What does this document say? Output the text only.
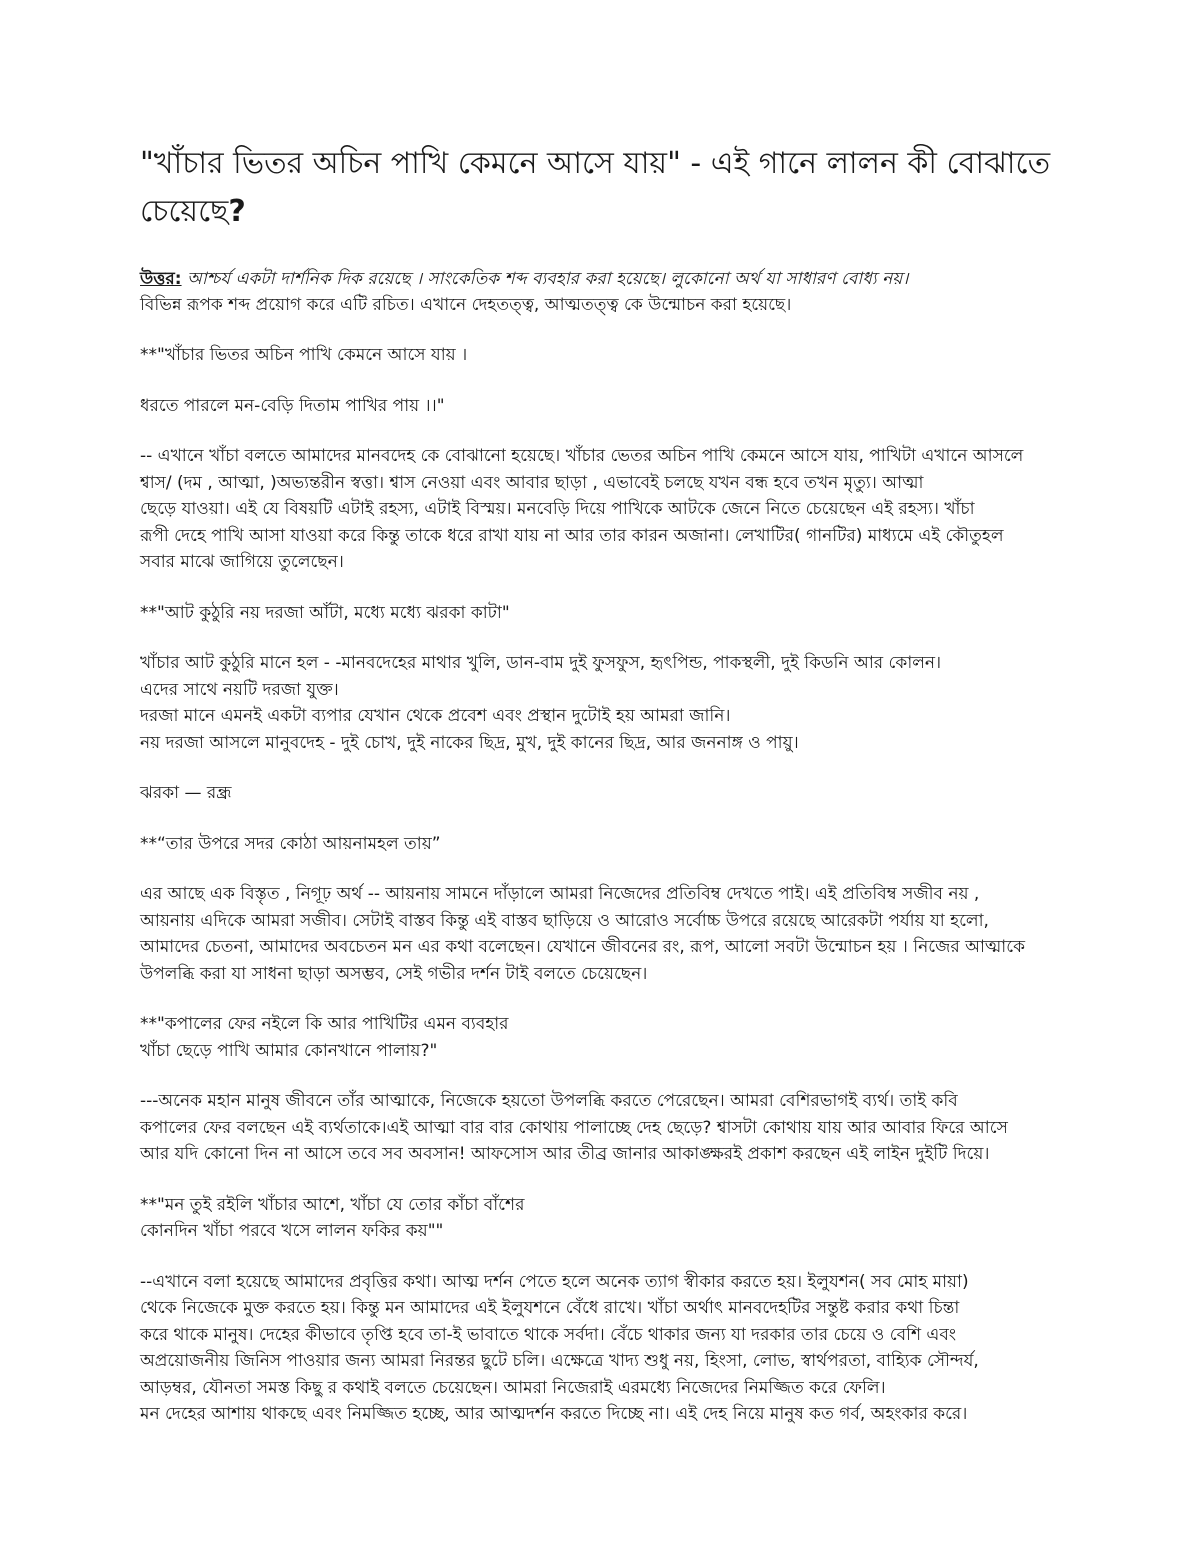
"খাঁচার ভিতর অচিন পাখি কেমনে আসে যায়" - এই গানে লালন কী বোঝাতে চেয়েছে?

উত্তর: আশ্চর্য একটা দার্শনিক দিক রয়েছে । সাংকেতিক শব্দ ব্যবহার করা হয়েছে। লুকোনো অর্থ যা সাধারণ বোধ্য নয়।

বিভিন্ন রূপক শব্দ প্রয়োগ করে এটি রচিত। এখানে দেহতত্ত্ব, আত্মতত্ত্ব কে উন্মোচন করা হয়েছে।

**"খাঁচার ভিতর অচিন পাখি কেমনে আসে যায় ।

ধরতে পারলে মন-বেড়ি দিতাম পাখির পায় ।।"

-- এখানে খাঁচা বলতে আমাদের মানবদেহ কে বোঝানো হয়েছে। খাঁচার ভেতর অচিন পাখি কেমনে আসে যায়, পাখিটা এখানে আসলে
শ্বাস/ (দম , আত্মা, )অভ্যন্তরীন স্বত্তা। শ্বাস নেওয়া এবং আবার ছাড়া , এভাবেই চলছে যখন বন্ধ হবে তখন মৃত্যু। আত্মা
ছেড়ে যাওয়া। এই যে বিষয়টি এটাই রহস্য, এটাই বিস্ময়। মনবেড়ি দিয়ে পাখিকে আটকে জেনে নিতে চেয়েছেন এই রহস্য। খাঁচা
রূপী দেহে পাখি আসা যাওয়া করে কিন্তু তাকে ধরে রাখা যায় না আর তার কারন অজানা। লেখাটির( গানটির) মাধ্যমে এই কৌতুহল
সবার মাঝে জাগিয়ে তুলেছেন।

**"আট কুঠুরি নয় দরজা আঁটা, মধ্যে মধ্যে ঝরকা কাটা"

খাঁচার আট কুঠুরি মানে হল - -মানবদেহের মাথার খুলি, ডান-বাম দুই ফুসফুস, হৃৎপিন্ড, পাকস্থলী, দুই কিডনি আর কোলন।
এদের সাথে নয়টি দরজা যুক্ত।
দরজা মানে এমনই একটা ব্যপার যেখান থেকে প্রবেশ এবং প্রস্থান দুটোই হয় আমরা জানি।
নয় দরজা আসলে মানুবদেহ - দুই চোখ, দুই নাকের ছিদ্র, মুখ, দুই কানের ছিদ্র, আর জননাঙ্গ ও পায়ু।

ঝরকা — রন্ধ্র

**“তার উপরে সদর কোঠা আয়নামহল তায়”

এর আছে এক বিস্তৃত , নিগূঢ় অর্থ -- আয়নায় সামনে দাঁড়ালে আমরা নিজেদের প্রতিবিম্ব দেখতে পাই। এই প্রতিবিম্ব সজীব নয় ,
আয়নায় এদিকে আমরা সজীব। সেটাই বাস্তব কিন্তু এই বাস্তব ছাড়িয়ে ও আরোও সর্বোচ্চ উপরে রয়েছে আরেকটা পর্যায় যা হলো,
আমাদের চেতনা, আমাদের অবচেতন মন এর কথা বলেছেন। যেখানে জীবনের রং, রূপ, আলো সবটা উন্মোচন হয় । নিজের আত্মাকে
উপলব্ধি করা যা সাধনা ছাড়া অসম্ভব, সেই গভীর দর্শন টাই বলতে চেয়েছেন।

**"কপালের ফের নইলে কি আর পাখিটির এমন ব্যবহার
খাঁচা ছেড়ে পাখি আমার কোনখানে পালায়?"

---অনেক মহান মানুষ জীবনে তাঁর আত্মাকে, নিজেকে হয়তো উপলব্ধি করতে পেরেছেন। আমরা বেশিরভাগই ব্যর্থ। তাই কবি
কপালের ফের বলছেন এই ব্যর্থতাকে।এই আত্মা বার বার কোথায় পালাচ্ছে দেহ ছেড়ে? শ্বাসটা কোথায় যায় আর আবার ফিরে আসে
আর যদি কোনো দিন না আসে তবে সব অবসান! আফসোস আর তীব্র জানার আকাঙ্ক্ষরই প্রকাশ করছেন এই লাইন দুইটি দিয়ে।

**"মন তুই রইলি খাঁচার আশে, খাঁচা যে তোর কাঁচা বাঁশের
কোনদিন খাঁচা পরবে খসে লালন ফকির কয়""

--এখানে বলা হয়েছে আমাদের প্রবৃত্তির কথা। আত্ম দর্শন পেতে হলে অনেক ত্যাগ স্বীকার করতে হয়। ইলুযশন( সব মোহ মায়া)
থেকে নিজেকে মুক্ত করতে হয়। কিন্তু মন আমাদের এই ইলুযশনে বেঁধে রাখে। খাঁচা অর্থাৎ মানবদেহটির সন্তুষ্ট করার কথা চিন্তা
করে থাকে মানুষ। দেহের কীভাবে তৃপ্তি হবে তা-ই ভাবাতে থাকে সর্বদা। বেঁচে থাকার জন্য যা দরকার তার চেয়ে ও বেশি এবং
অপ্রয়োজনীয় জিনিস পাওয়ার জন্য আমরা নিরন্তর ছুটে চলি। এক্ষেত্রে খাদ্য শুধু নয়, হিংসা, লোভ, স্বার্থপরতা, বাহ্যিক সৌন্দর্য,
আড়ম্বর, যৌনতা সমস্ত কিছু র কথাই বলতে চেয়েছেন। আমরা নিজেরাই এরমধ্যে নিজেদের নিমজ্জিত করে ফেলি।
মন দেহের আশায় থাকছে এবং নিমজ্জিত হচ্ছে, আর আত্মদর্শন করতে দিচ্ছে না। এই দেহ নিয়ে মানুষ কত গর্ব, অহংকার করে।
